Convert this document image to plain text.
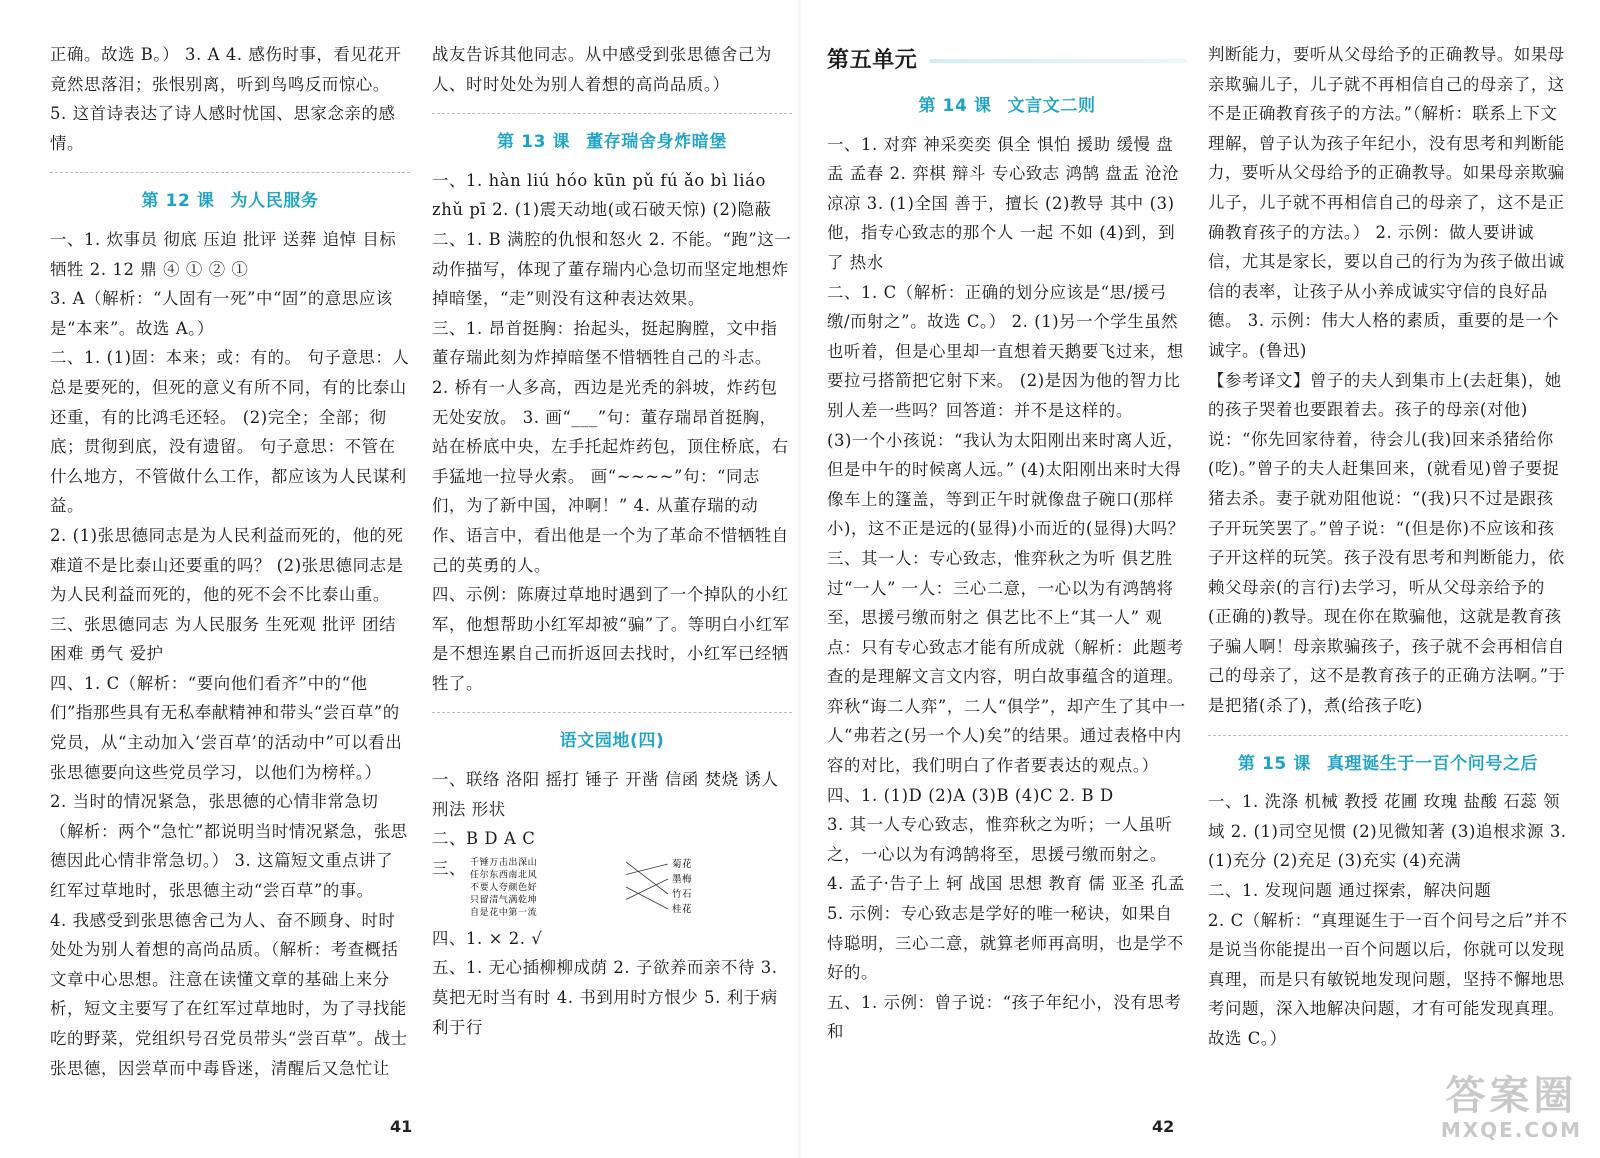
正确。故选 B。） 3. A 4. 感伤时事，看见花开竟然思落泪；张恨别离，听到鸟鸣反而惊心。

5. 这首诗表达了诗人感时忧国、思家念亲的感情。

第 12 课 为人民服务

一、1. 炊事员 彻底 压迫 批评 送葬 追悼 目标 牺牲 2. 12 鼎 ④ ① ② ①

3. A（解析：“人固有一死”中“固”的意思应该是“本来”。故选 A。）

二、1. (1)固：本来；或：有的。 句子意思：人总是要死的，但死的意义有所不同，有的比泰山还重，有的比鸿毛还轻。 (2)完全；全部；彻底；贯彻到底，没有遗留。 句子意思：不管在什么地方，不管做什么工作，都应该为人民谋利益。

2. (1)张思德同志是为人民利益而死的，他的死难道不是比泰山还要重的吗？ (2)张思德同志是为人民利益而死的，他的死不会不比泰山重。

三、张思德同志 为人民服务 生死观 批评 团结 困难 勇气 爱护

四、1. C（解析：“要向他们看齐”中的“他们”指那些具有无私奉献精神和带头“尝百草”的党员，从“主动加入‘尝百草’的活动中”可以看出张思德要向这些党员学习，以他们为榜样。）

2. 当时的情况紧急，张思德的心情非常急切（解析：两个“急忙”都说明当时情况紧急，张思德因此心情非常急切。） 3. 这篇短文重点讲了红军过草地时，张思德主动“尝百草”的事。

4. 我感受到张思德舍己为人、奋不顾身、时时处处为别人着想的高尚品质。（解析：考查概括文章中心思想。注意在读懂文章的基础上来分析，短文主要写了在红军过草地时，为了寻找能吃的野菜，党组织号召党员带头“尝百草”。战士张思德，因尝草而中毒昏迷，清醒后又急忙让

战友告诉其他同志。从中感受到张思德舍己为人、时时处处为别人着想的高尚品质。）

第 13 课 董存瑞舍身炸暗堡

一、1. hàn liú hóo kūn pǔ fú ǎo bì liáo zhǔ pī 2. (1)震天动地(或石破天惊) (2)隐蔽

二、1. B 满腔的仇恨和怒火 2. 不能。“跑”这一动作描写，体现了董存瑞内心急切而坚定地想炸掉暗堡，“走”则没有这种表达效果。

三、1. 昂首挺胸：抬起头，挺起胸膛，文中指董存瑞此刻为炸掉暗堡不惜牺牲自己的斗志。

2. 桥有一人多高，西边是光秃的斜坡，炸药包无处安放。 3. 画“___”句：董存瑞昂首挺胸，站在桥底中央，左手托起炸药包，顶住桥底，右手猛地一拉导火索。 画“~~~~”句：“同志们，为了新中国，冲啊！” 4. 从董存瑞的动作、语言中，看出他是一个为了革命不惜牺牲自己的英勇的人。

四、示例：陈赓过草地时遇到了一个掉队的小红军，他想帮助小红军却被“骗”了。等明白小红军是不想连累自己而折返回去找时，小红军已经牺牲了。

语文园地(四)

一、联络 洛阳 摇打 锤子 开凿 信函 焚烧 诱人 刑法 形状

二、B D A C

三、 千锤万击出深山
任尔东西南北风
不要人夸颜色好
只留清气满乾坤
自是花中第一流
菊花
墨梅
竹石
桂花

四、1. × 2. √

五、1. 无心插柳柳成荫 2. 子欲养而亲不待 3. 莫把无时当有时 4. 书到用时方恨少 5. 利于病 利于行

41

第五单元

第 14 课 文言文二则

一、1. 对弈 神采奕奕 俱全 惧怕 援助 缓慢 盘盂 孟春 2. 弈棋 辩斗 专心致志 鸿鹄 盘盂 沧沧凉凉 3. (1)全国 善于，擅长 (2)教导 其中 (3)他，指专心致志的那个人 一起 不如 (4)到，到了 热水

二、1. C（解析：正确的划分应该是“思/援弓缴/而射之”。故选 C。） 2. (1)另一个学生虽然也听着，但是心里却一直想着天鹅要飞过来，想要拉弓搭箭把它射下来。 (2)是因为他的智力比别人差一些吗？回答道：并不是这样的。

(3)一个小孩说：“我认为太阳刚出来时离人近，但是中午的时候离人远。” (4)太阳刚出来时大得像车上的篷盖，等到正午时就像盘子碗口(那样小)，这不正是远的(显得)小而近的(显得)大吗？

三、其一人：专心致志，惟弈秋之为听 俱艺胜过“一人” 一人：三心二意，一心以为有鸿鹄将至，思援弓缴而射之 俱艺比不上“其一人” 观点：只有专心致志才能有所成就（解析：此题考查的是理解文言文内容，明白故事蕴含的道理。弈秋“诲二人弈”，二人“俱学”，却产生了其中一人“弗若之(另一个人)矣”的结果。通过表格中内容的对比，我们明白了作者要表达的观点。）

四、1. (1)D (2)A (3)B (4)C 2. B D

3. 其一人专心致志，惟弈秋之为听；一人虽听之，一心以为有鸿鹄将至，思援弓缴而射之。

4. 孟子·告子上 轲 战国 思想 教育 儒 亚圣 孔孟 5. 示例：专心致志是学好的唯一秘诀，如果自恃聪明，三心二意，就算老师再高明，也是学不好的。

五、1. 示例：曾子说：“孩子年纪小，没有思考和

判断能力，要听从父母给予的正确教导。如果母亲欺骗儿子，儿子就不再相信自己的母亲了，这不是正确教育孩子的方法。”（解析：联系上下文理解，曾子认为孩子年纪小，没有思考和判断能力，要听从父母给予的正确教导。如果母亲欺骗儿子，儿子就不再相信自己的母亲了，这不是正确教育孩子的方法。） 2. 示例：做人要讲诚信，尤其是家长，要以自己的行为为孩子做出诚信的表率，让孩子从小养成诚实守信的良好品德。 3. 示例：伟大人格的素质，重要的是一个诚字。(鲁迅)

【参考译文】曾子的夫人到集市上(去赶集)，她的孩子哭着也要跟着去。孩子的母亲(对他)说：“你先回家待着，待会儿(我)回来杀猪给你(吃)。”曾子的夫人赶集回来，(就看见)曾子要捉猪去杀。妻子就劝阻他说：“(我)只不过是跟孩子开玩笑罢了。”曾子说：“(但是你)不应该和孩子开这样的玩笑。孩子没有思考和判断能力，依赖父母亲(的言行)去学习，听从父母亲给予的(正确的)教导。现在你在欺骗他，这就是教育孩子骗人啊！母亲欺骗孩子，孩子就不会再相信自己的母亲了，这不是教育孩子的正确方法啊。”于是把猪(杀了)，煮(给孩子吃)

第 15 课 真理诞生于一百个问号之后

一、1. 洗涤 机械 教授 花圃 玫瑰 盐酸 石蕊 领域 2. (1)司空见惯 (2)见微知著 (3)追根求源 3. (1)充分 (2)充足 (3)充实 (4)充满

二、1. 发现问题 通过探索，解决问题

2. C（解析：“真理诞生于一百个问号之后”并不是说当你能提出一百个问题以后，你就可以发现真理，而是只有敏锐地发现问题，坚持不懈地思考问题，深入地解决问题，才有可能发现真理。故选 C。）

42
答案圈
MXQE.COM
